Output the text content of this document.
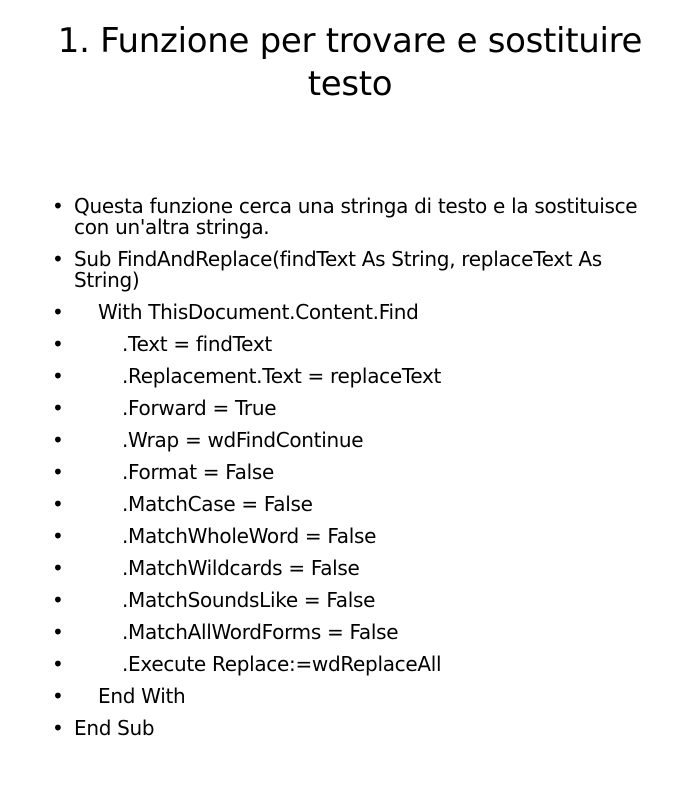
1. Funzione per trovare e sostituire testo
• Questa funzione cerca una stringa di testo e la sostituisce con un'altra stringa.
• Sub FindAndReplace(findText As String, replaceText As String)
• With ThisDocument.Content.Find
•	.Text = findText
•	.Replacement.Text = replaceText
•	.Forward = True
•	.Wrap = wdFindContinue
•	.Format = False
•	.MatchCase = False
•	.MatchWholeWord = False
•	.MatchWildcards = False
•	.MatchSoundsLike = False
•	.MatchAllWordForms = False
•	.Execute Replace:=wdReplaceAll
• End With
• End Sub
